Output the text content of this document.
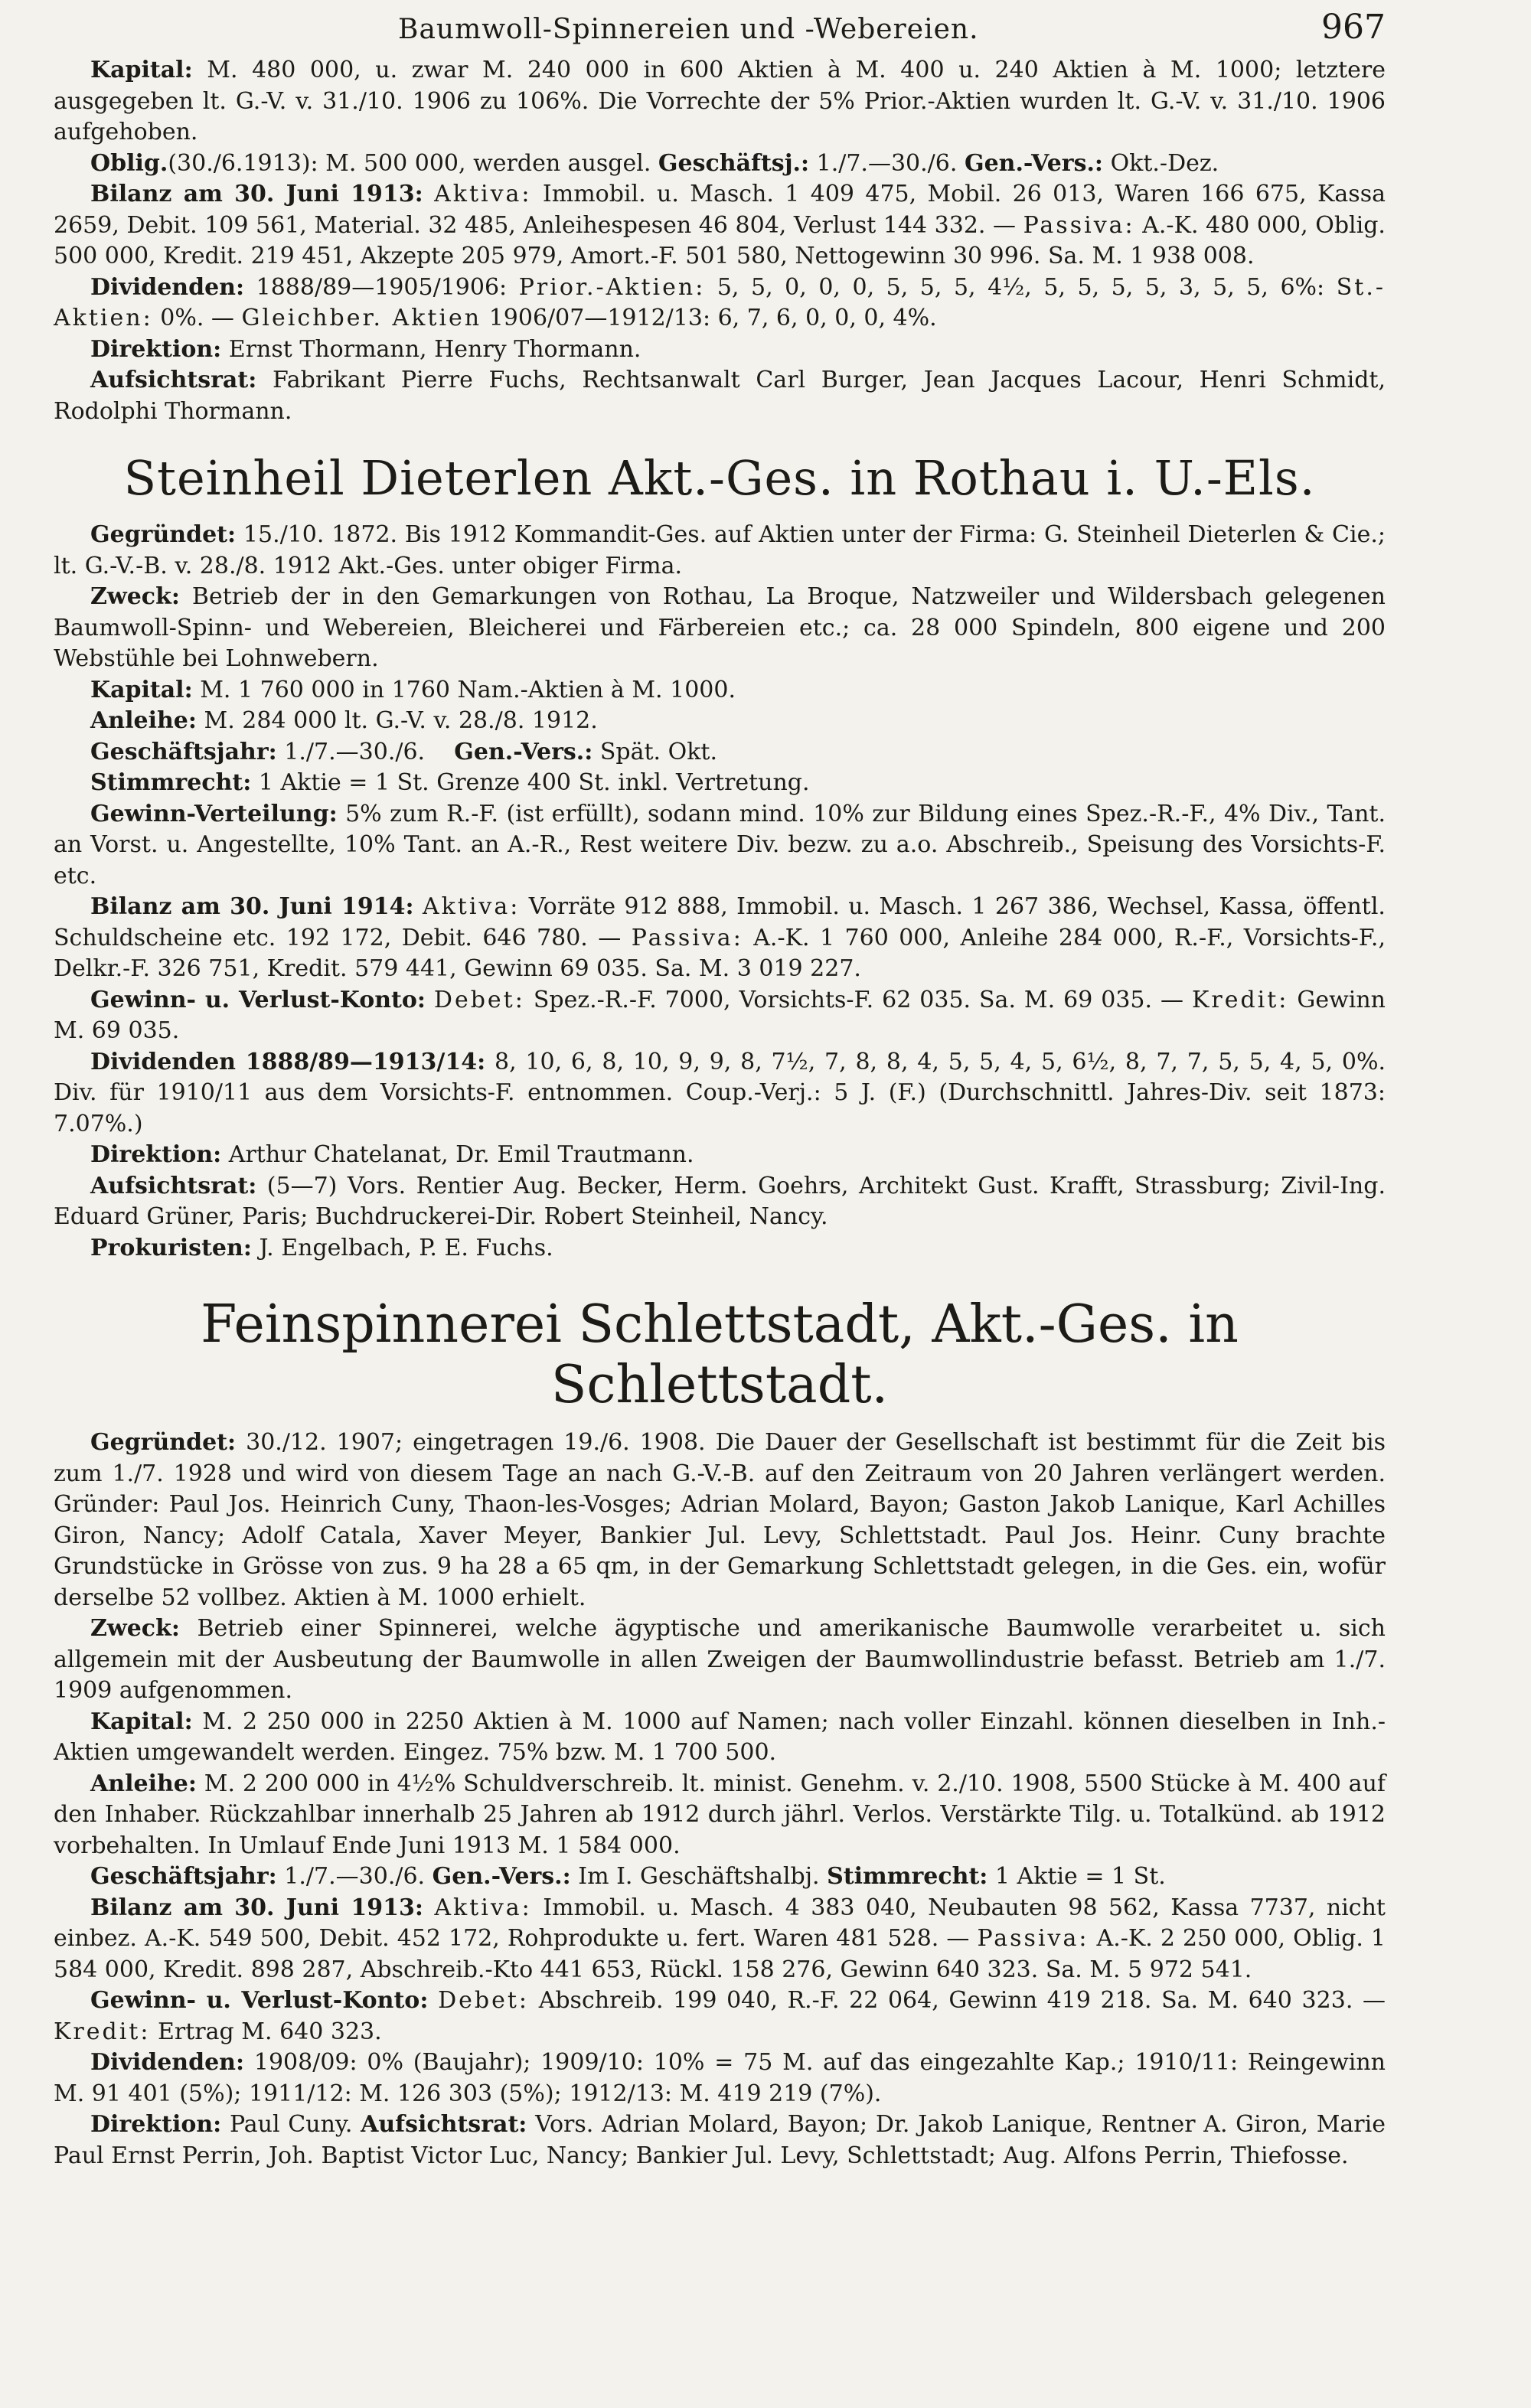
Baumwoll-Spinnereien und -Webereien.	967

Kapital: M. 480 000, u. zwar M. 240 000 in 600 Aktien à M. 400 u. 240 Aktien à M. 1000; letztere ausgegeben lt. G.-V. v. 31./10. 1906 zu 106%. Die Vorrechte der 5% Prior.-Aktien wurden lt. G.-V. v. 31./10. 1906 aufgehoben.

Oblig.(30./6.1913): M. 500 000, werden ausgel. Geschäftsj.: 1./7.—30./6. Gen.-Vers.: Okt.-Dez.

Bilanz am 30. Juni 1913: Aktiva: Immobil. u. Masch. 1 409 475, Mobil. 26 013, Waren 166 675, Kassa 2659, Debit. 109 561, Material. 32 485, Anleihespesen 46 804, Verlust 144 332. — Passiva: A.-K. 480 000, Oblig. 500 000, Kredit. 219 451, Akzepte 205 979, Amort.-F. 501 580, Nettogewinn 30 996. Sa. M. 1 938 008.

Dividenden: 1888/89—1905/1906: Prior.-Aktien: 5, 5, 0, 0, 0, 5, 5, 5, 4½, 5, 5, 5, 5, 3, 5, 5, 6%: St.-Aktien: 0%. — Gleichber. Aktien 1906/07—1912/13: 6, 7, 6, 0, 0, 0, 4%.

Direktion: Ernst Thormann, Henry Thormann.

Aufsichtsrat: Fabrikant Pierre Fuchs, Rechtsanwalt Carl Burger, Jean Jacques Lacour, Henri Schmidt, Rodolphi Thormann.

Steinheil Dieterlen Akt.-Ges. in Rothau i. U.-Els.

Gegründet: 15./10. 1872. Bis 1912 Kommandit-Ges. auf Aktien unter der Firma: G. Steinheil Dieterlen & Cie.; lt. G.-V.-B. v. 28./8. 1912 Akt.-Ges. unter obiger Firma.

Zweck: Betrieb der in den Gemarkungen von Rothau, La Broque, Natzweiler und Wildersbach gelegenen Baumwoll-Spinn- und Webereien, Bleicherei und Färbereien etc.; ca. 28 000 Spindeln, 800 eigene und 200 Webstühle bei Lohnwebern.

Kapital: M. 1 760 000 in 1760 Nam.-Aktien à M. 1000.

Anleihe: M. 284 000 lt. G.-V. v. 28./8. 1912.

Geschäftsjahr: 1./7.—30./6. Gen.-Vers.: Spät. Okt.

Stimmrecht: 1 Aktie = 1 St. Grenze 400 St. inkl. Vertretung.

Gewinn-Verteilung: 5% zum R.-F. (ist erfüllt), sodann mind. 10% zur Bildung eines Spez.-R.-F., 4% Div., Tant. an Vorst. u. Angestellte, 10% Tant. an A.-R., Rest weitere Div. bezw. zu a.o. Abschreib., Speisung des Vorsichts-F. etc.

Bilanz am 30. Juni 1914: Aktiva: Vorräte 912 888, Immobil. u. Masch. 1 267 386, Wechsel, Kassa, öffentl. Schuldscheine etc. 192 172, Debit. 646 780. — Passiva: A.-K. 1 760 000, Anleihe 284 000, R.-F., Vorsichts-F., Delkr.-F. 326 751, Kredit. 579 441, Gewinn 69 035. Sa. M. 3 019 227.

Gewinn- u. Verlust-Konto: Debet: Spez.-R.-F. 7000, Vorsichts-F. 62 035. Sa. M. 69 035. — Kredit: Gewinn M. 69 035.

Dividenden 1888/89—1913/14: 8, 10, 6, 8, 10, 9, 9, 8, 7½, 7, 8, 8, 4, 5, 5, 4, 5, 6½, 8, 7, 7, 5, 5, 4, 5, 0%. Div. für 1910/11 aus dem Vorsichts-F. entnommen. Coup.-Verj.: 5 J. (F.) (Durchschnittl. Jahres-Div. seit 1873: 7.07%.)

Direktion: Arthur Chatelanat, Dr. Emil Trautmann.

Aufsichtsrat: (5—7) Vors. Rentier Aug. Becker, Herm. Goehrs, Architekt Gust. Krafft, Strassburg; Zivil-Ing. Eduard Grüner, Paris; Buchdruckerei-Dir. Robert Steinheil, Nancy.

Prokuristen: J. Engelbach, P. E. Fuchs.

Feinspinnerei Schlettstadt, Akt.-Ges. in Schlettstadt.

Gegründet: 30./12. 1907; eingetragen 19./6. 1908. Die Dauer der Gesellschaft ist bestimmt für die Zeit bis zum 1./7. 1928 und wird von diesem Tage an nach G.-V.-B. auf den Zeitraum von 20 Jahren verlängert werden. Gründer: Paul Jos. Heinrich Cuny, Thaon-les-Vosges; Adrian Molard, Bayon; Gaston Jakob Lanique, Karl Achilles Giron, Nancy; Adolf Catala, Xaver Meyer, Bankier Jul. Levy, Schlettstadt. Paul Jos. Heinr. Cuny brachte Grundstücke in Grösse von zus. 9 ha 28 a 65 qm, in der Gemarkung Schlettstadt gelegen, in die Ges. ein, wofür derselbe 52 vollbez. Aktien à M. 1000 erhielt.

Zweck: Betrieb einer Spinnerei, welche ägyptische und amerikanische Baumwolle verarbeitet u. sich allgemein mit der Ausbeutung der Baumwolle in allen Zweigen der Baumwollindustrie befasst. Betrieb am 1./7. 1909 aufgenommen.

Kapital: M. 2 250 000 in 2250 Aktien à M. 1000 auf Namen; nach voller Einzahl. können dieselben in Inh.-Aktien umgewandelt werden. Eingez. 75% bzw. M. 1 700 500.

Anleihe: M. 2 200 000 in 4½% Schuldverschreib. lt. minist. Genehm. v. 2./10. 1908, 5500 Stücke à M. 400 auf den Inhaber. Rückzahlbar innerhalb 25 Jahren ab 1912 durch jährl. Verlos. Verstärkte Tilg. u. Totalkünd. ab 1912 vorbehalten. In Umlauf Ende Juni 1913 M. 1 584 000.

Geschäftsjahr: 1./7.—30./6. Gen.-Vers.: Im I. Geschäftshalbj. Stimmrecht: 1 Aktie = 1 St.

Bilanz am 30. Juni 1913: Aktiva: Immobil. u. Masch. 4 383 040, Neubauten 98 562, Kassa 7737, nicht einbez. A.-K. 549 500, Debit. 452 172, Rohprodukte u. fert. Waren 481 528. — Passiva: A.-K. 2 250 000, Oblig. 1 584 000, Kredit. 898 287, Abschreib.-Kto 441 653, Rückl. 158 276, Gewinn 640 323. Sa. M. 5 972 541.

Gewinn- u. Verlust-Konto: Debet: Abschreib. 199 040, R.-F. 22 064, Gewinn 419 218. Sa. M. 640 323. — Kredit: Ertrag M. 640 323.

Dividenden: 1908/09: 0% (Baujahr); 1909/10: 10% = 75 M. auf das eingezahlte Kap.; 1910/11: Reingewinn M. 91 401 (5%); 1911/12: M. 126 303 (5%); 1912/13: M. 419 219 (7%).

Direktion: Paul Cuny. Aufsichtsrat: Vors. Adrian Molard, Bayon; Dr. Jakob Lanique, Rentner A. Giron, Marie Paul Ernst Perrin, Joh. Baptist Victor Luc, Nancy; Bankier Jul. Levy, Schlettstadt; Aug. Alfons Perrin, Thiefosse.
